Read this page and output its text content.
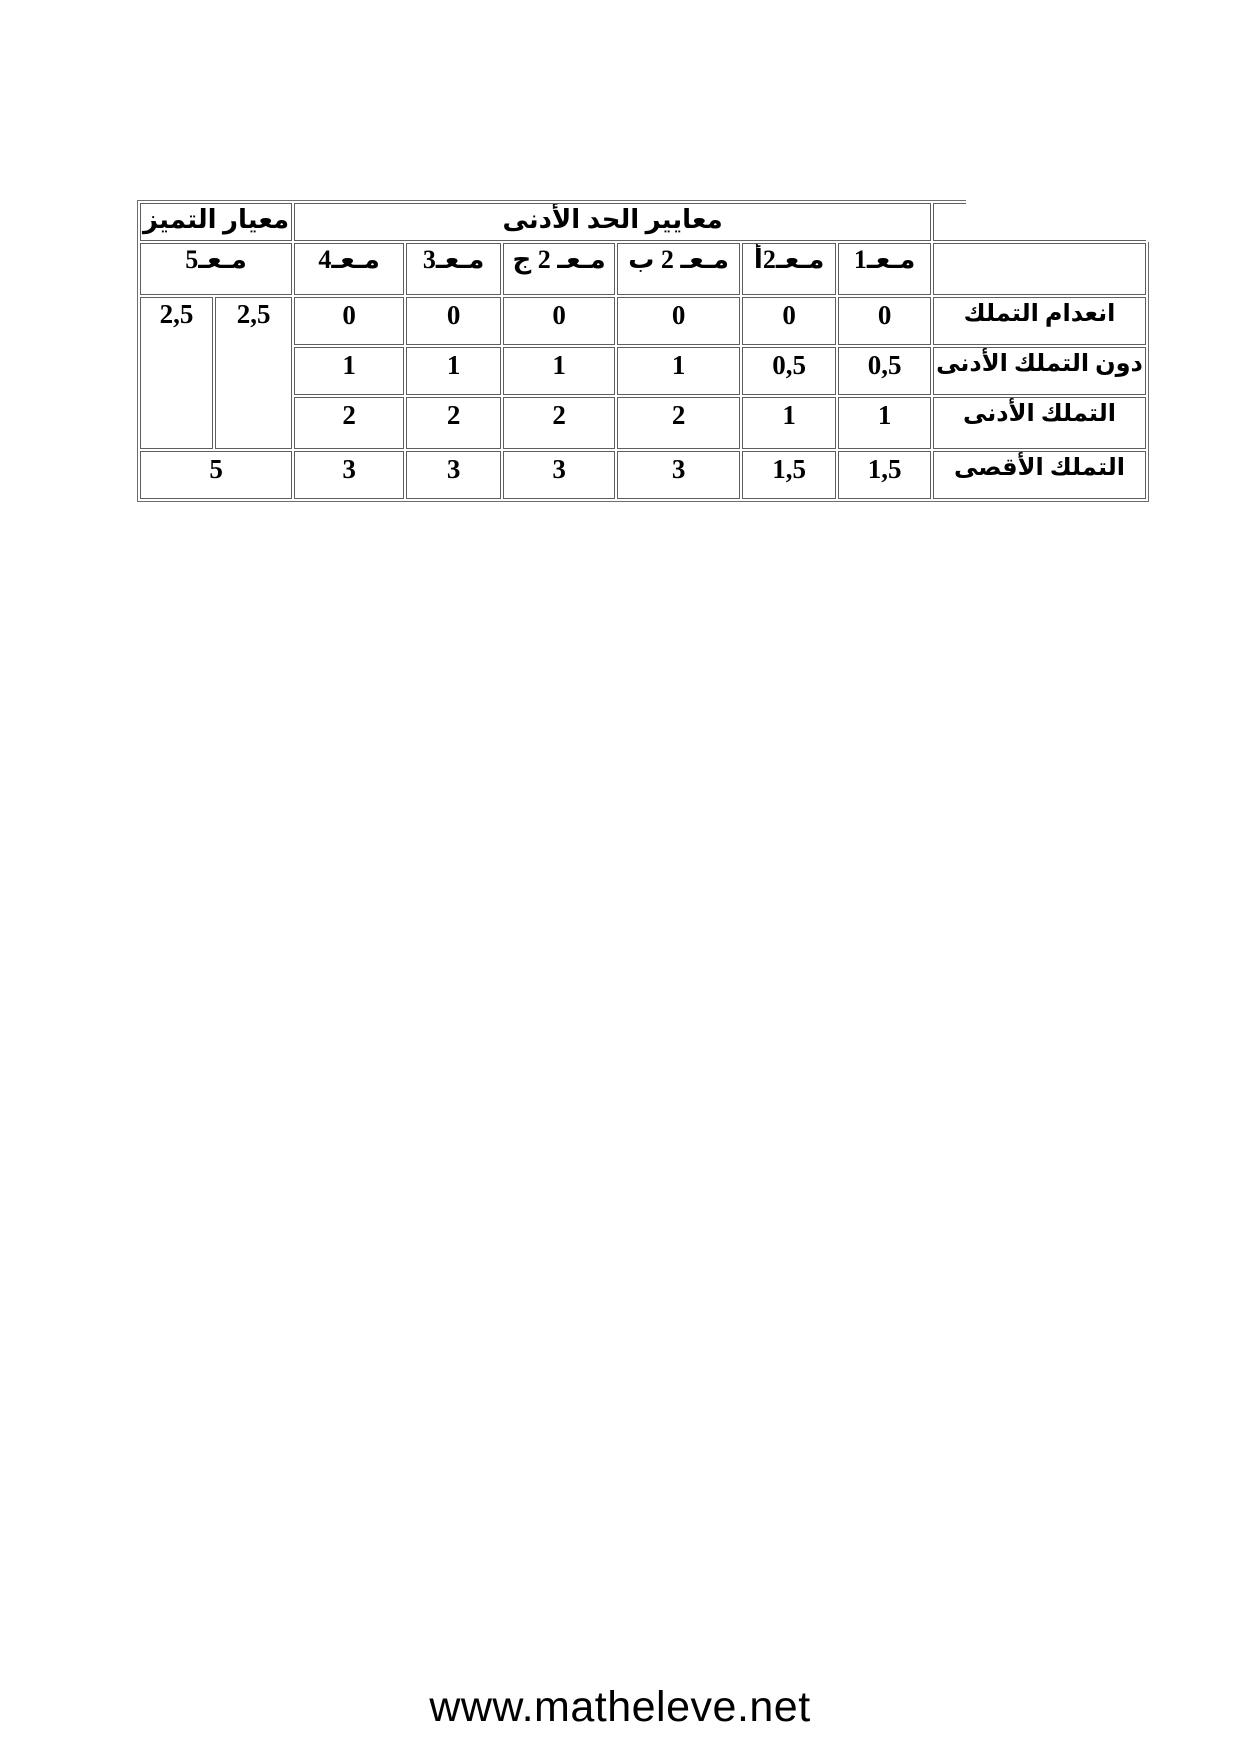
معيار التميز		معايير الحد الأدنى						
مـعـ5		مـعـ4	مـعـ3	مـعـ 2 ج	مـعـ 2 ب	مـعـ2أ	مـعـ1	
2,5	2,5	0	0	0	0	0	0	انعدام التملك
		1	1	1	1	0,5	0,5	دون التملك الأدنى
		2	2	2	2	1	1	التملك الأدنى
5		3	3	3	3	1,5	1,5	التملك الأقصى
www.matheleve.net
